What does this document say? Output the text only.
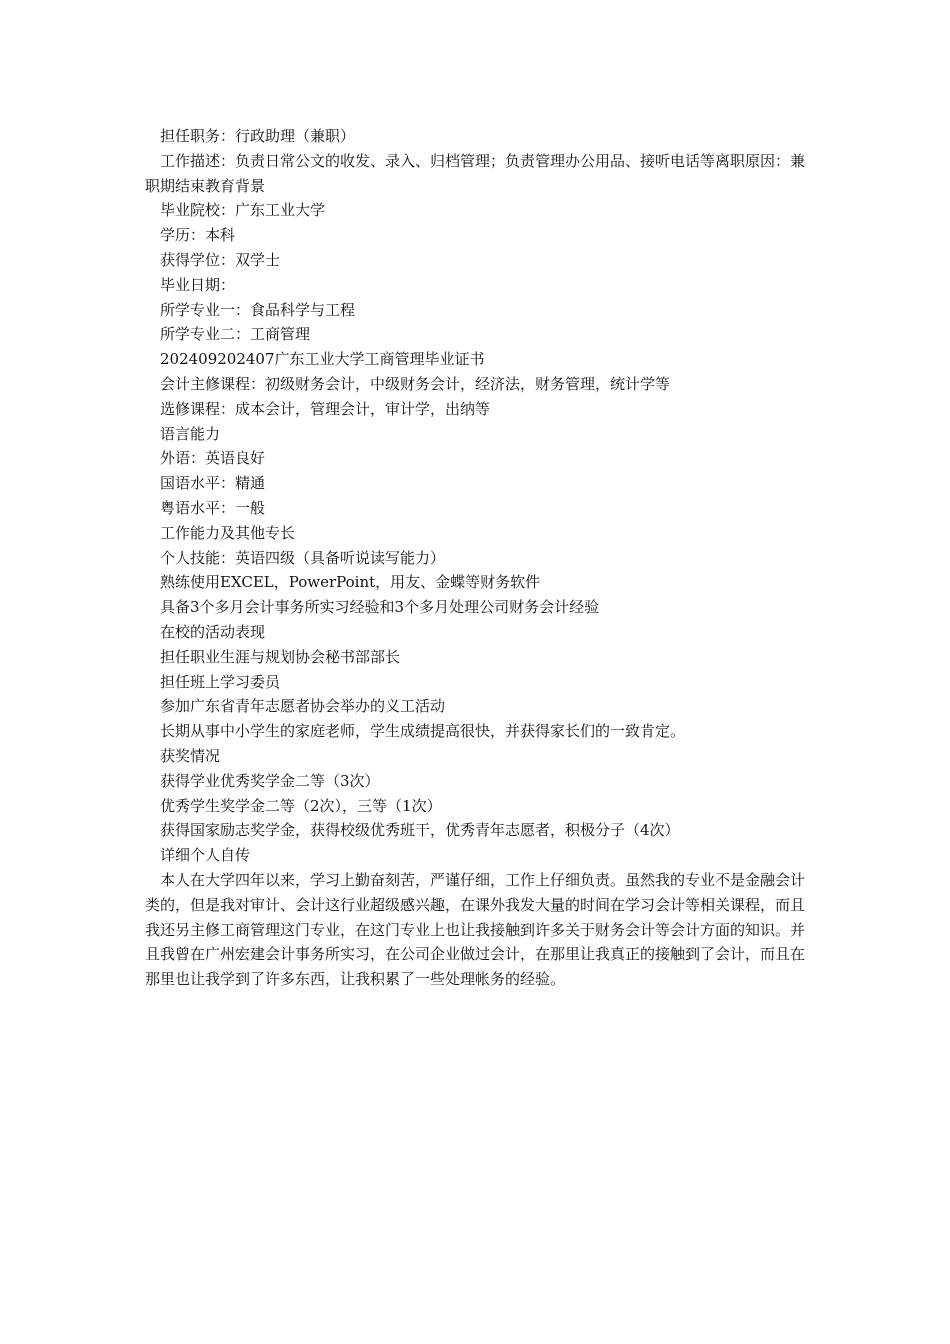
担任职务：行政助理（兼职）

工作描述：负责日常公文的收发、录入、归档管理；负责管理办公用品、接听电话等离职原因：兼职期结束教育背景

毕业院校：广东工业大学

学历：本科

获得学位：双学士

毕业日期：

所学专业一：食品科学与工程

所学专业二：工商管理

202409202407广东工业大学工商管理毕业证书

会计主修课程：初级财务会计，中级财务会计，经济法，财务管理，统计学等

选修课程：成本会计，管理会计，审计学，出纳等

语言能力

外语：英语良好

国语水平：精通

粤语水平：一般

工作能力及其他专长

个人技能：英语四级（具备听说读写能力）

熟练使用EXCEL，PowerPoint，用友、金蝶等财务软件

具备3个多月会计事务所实习经验和3个多月处理公司财务会计经验

在校的活动表现

担任职业生涯与规划协会秘书部部长

担任班上学习委员

参加广东省青年志愿者协会举办的义工活动

长期从事中小学生的家庭老师，学生成绩提高很快，并获得家长们的一致肯定。

获奖情况

获得学业优秀奖学金二等（3次）

优秀学生奖学金二等（2次），三等（1次）

获得国家励志奖学金，获得校级优秀班干，优秀青年志愿者，积极分子（4次）

详细个人自传

本人在大学四年以来，学习上勤奋刻苦，严谨仔细，工作上仔细负责。虽然我的专业不是金融会计类的，但是我对审计、会计这行业超级感兴趣，在课外我发大量的时间在学习会计等相关课程，而且我还另主修工商管理这门专业，在这门专业上也让我接触到许多关于财务会计等会计方面的知识。并且我曾在广州宏建会计事务所实习，在公司企业做过会计，在那里让我真正的接触到了会计，而且在那里也让我学到了许多东西，让我积累了一些处理帐务的经验。
